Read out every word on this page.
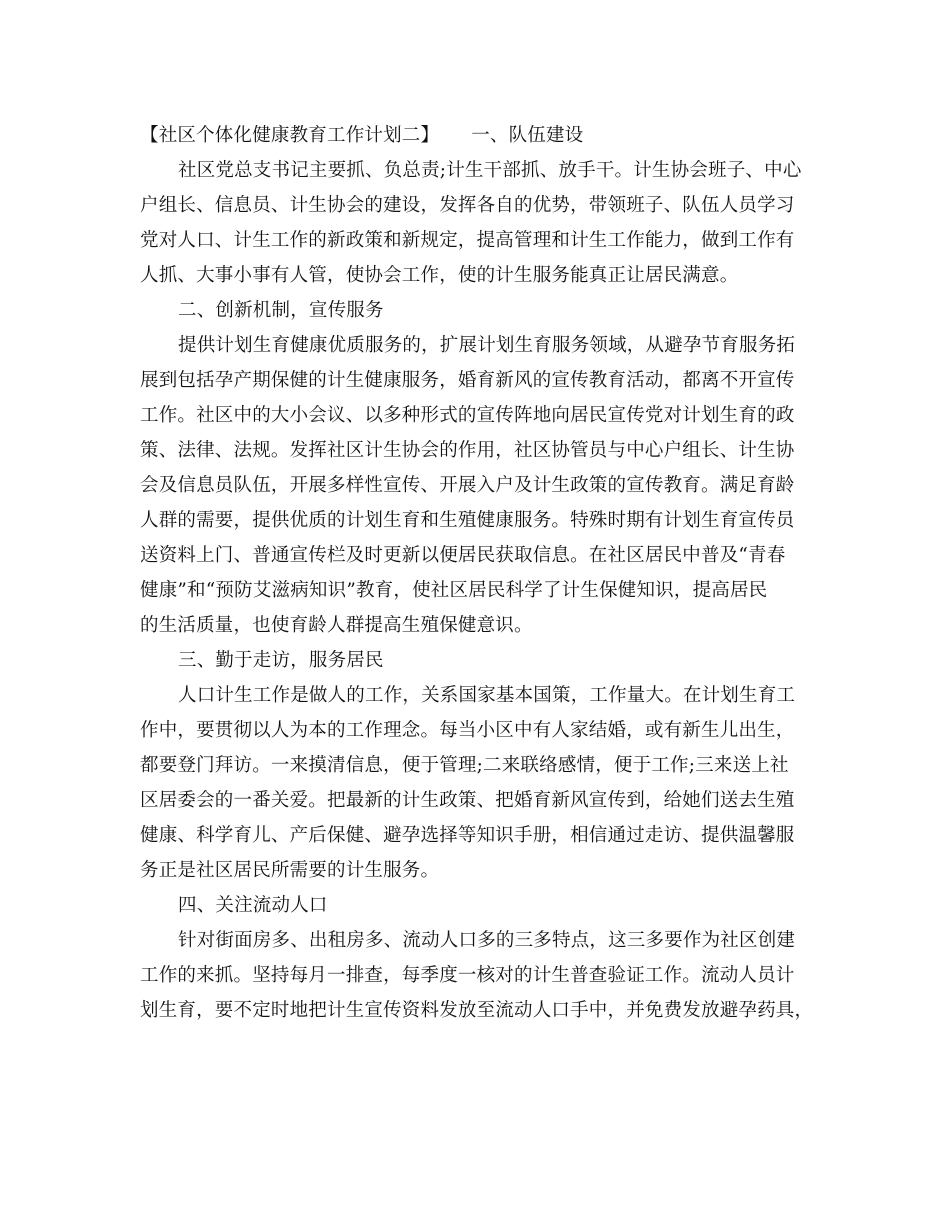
【社区个体化健康教育工作计划二】 一、队伍建设
社区党总支书记主要抓、负总责;计生干部抓、放手干。计生协会班子、中心
户组长、信息员、计生协会的建设，发挥各自的优势，带领班子、队伍人员学习
党对人口、计生工作的新政策和新规定，提高管理和计生工作能力，做到工作有
人抓、大事小事有人管，使协会工作，使的计生服务能真正让居民满意。
二、创新机制，宣传服务
提供计划生育健康优质服务的，扩展计划生育服务领域，从避孕节育服务拓
展到包括孕产期保健的计生健康服务，婚育新风的宣传教育活动，都离不开宣传
工作。社区中的大小会议、以多种形式的宣传阵地向居民宣传党对计划生育的政
策、法律、法规。发挥社区计生协会的作用，社区协管员与中心户组长、计生协
会及信息员队伍，开展多样性宣传、开展入户及计生政策的宣传教育。满足育龄
人群的需要，提供优质的计划生育和生殖健康服务。特殊时期有计划生育宣传员
送资料上门、普通宣传栏及时更新以便居民获取信息。在社区居民中普及“青春
健康”和“预防艾滋病知识”教育，使社区居民科学了计生保健知识，提高居民
的生活质量，也使育龄人群提高生殖保健意识。
三、勤于走访，服务居民
人口计生工作是做人的工作，关系国家基本国策，工作量大。在计划生育工
作中，要贯彻以人为本的工作理念。每当小区中有人家结婚，或有新生儿出生，
都要登门拜访。一来摸清信息，便于管理;二来联络感情，便于工作;三来送上社
区居委会的一番关爱。把最新的计生政策、把婚育新风宣传到，给她们送去生殖
健康、科学育儿、产后保健、避孕选择等知识手册，相信通过走访、提供温馨服
务正是社区居民所需要的计生服务。
四、关注流动人口
针对街面房多、出租房多、流动人口多的三多特点，这三多要作为社区创建
工作的来抓。坚持每月一排查，每季度一核对的计生普查验证工作。流动人员计
划生育，要不定时地把计生宣传资料发放至流动人口手中，并免费发放避孕药具，
